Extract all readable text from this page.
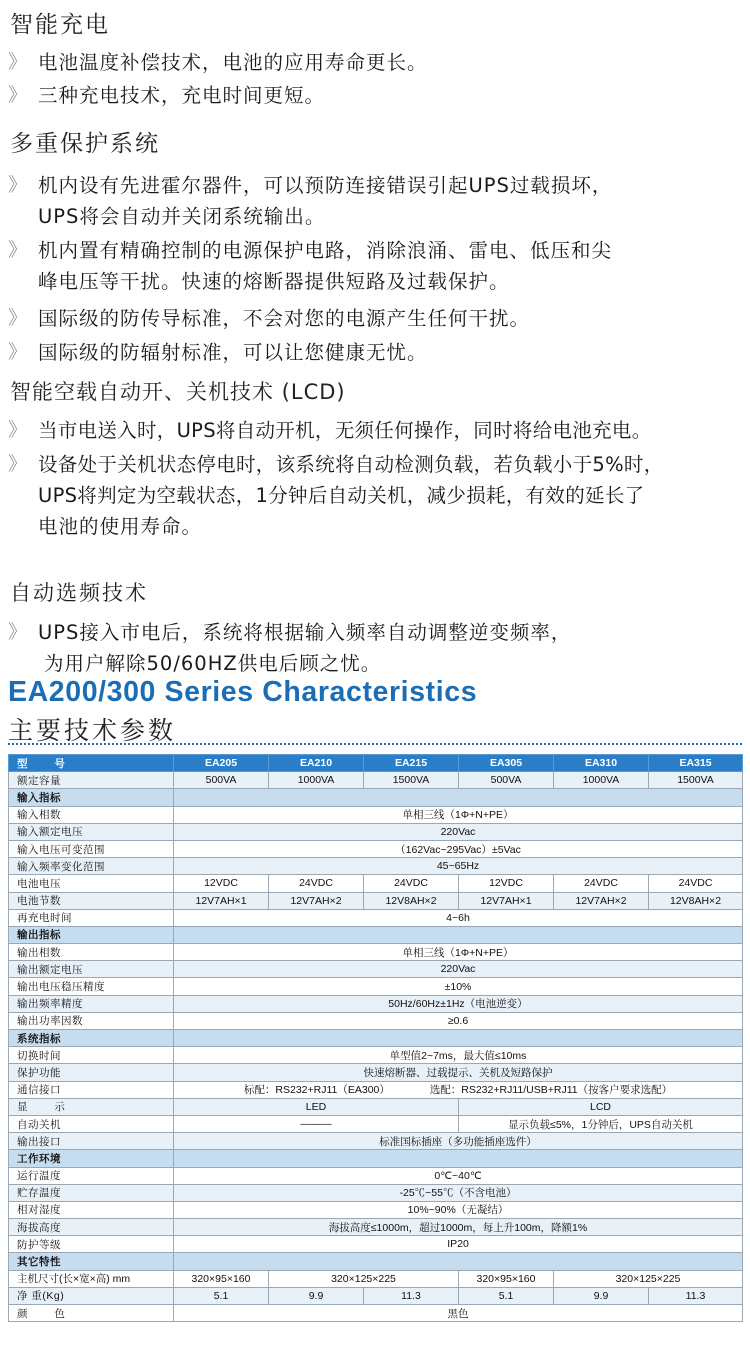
智能充电
》 电池温度补偿技术，电池的应用寿命更长。
》 三种充电技术，充电时间更短。
多重保护系统
》 机内设有先进霍尔器件，可以预防连接错误引起UPS过载损坏，
UPS将会自动并关闭系统输出。
》 机内置有精确控制的电源保护电路，消除浪涌、雷电、低压和尖
峰电压等干扰。快速的熔断器提供短路及过载保护。
》 国际级的防传导标准，不会对您的电源产生任何干扰。
》 国际级的防辐射标准，可以让您健康无忧。
智能空载自动开、关机技术 (LCD)
》 当市电送入时，UPS将自动开机，无须任何操作，同时将给电池充电。
》 设备处于关机状态停电时，该系统将自动检测负载，若负载小于5%时，
UPS将判定为空载状态，1分钟后自动关机，减少损耗，有效的延长了
电池的使用寿命。
自动选频技术
》 UPS接入市电后，系统将根据输入频率自动调整逆变频率，
为用户解除50/60HZ供电后顾之忧。
EA200/300 Series Characteristics
主要技术参数
型 号	EA205	EA210	EA215	EA305	EA310	EA315
额定容量	500VA	1000VA	1500VA	500VA	1000VA	1500VA
输入指标						
输入相数	单相三线（1Φ+N+PE）					
输入额定电压	220Vac					
输入电压可变范围	（162Vac~295Vac）±5Vac					
输入频率变化范围	45~65Hz					
电池电压	12VDC	24VDC	24VDC	12VDC	24VDC	24VDC
电池节数	12V7AH×1	12V7AH×2	12V8AH×2	12V7AH×1	12V7AH×2	12V8AH×2
再充电时间	4~6h					
输出指标						
输出相数	单相三线（1Φ+N+PE）					
输出额定电压	220Vac					
输出电压稳压精度	±10%					
输出频率精度	50Hz/60Hz±1Hz（电池逆变）					
输出功率因数	≥0.6					
系统指标						
切换时间	单型值2~7ms，最大值≤10ms					
保护功能	快速熔断器、过载提示、关机及短路保护					
通信接口	标配：RS232+RJ11（EA300） 选配：RS232+RJ11/USB+RJ11（按客户要求选配）					
显 示	LED			LCD		
自动关机	———			显示负载≤5%，1分钟后，UPS自动关机		
输出接口	标准国标插座（多功能插座选件）					
工作环境						
运行温度	0℃~40℃					
贮存温度	-25℃~55℃（不含电池）					
相对湿度	10%~90%（无凝结）					
海拔高度	海拔高度≤1000m，超过1000m，每上升100m，降额1%					
防护等级	IP20					
其它特性						
主机尺寸(长×宽×高) mm	320×95×160	320×125×225		320×95×160	320×125×225	
净 重(Kg)	5.1	9.9	11.3	5.1	9.9	11.3
颜 色	黑色					
